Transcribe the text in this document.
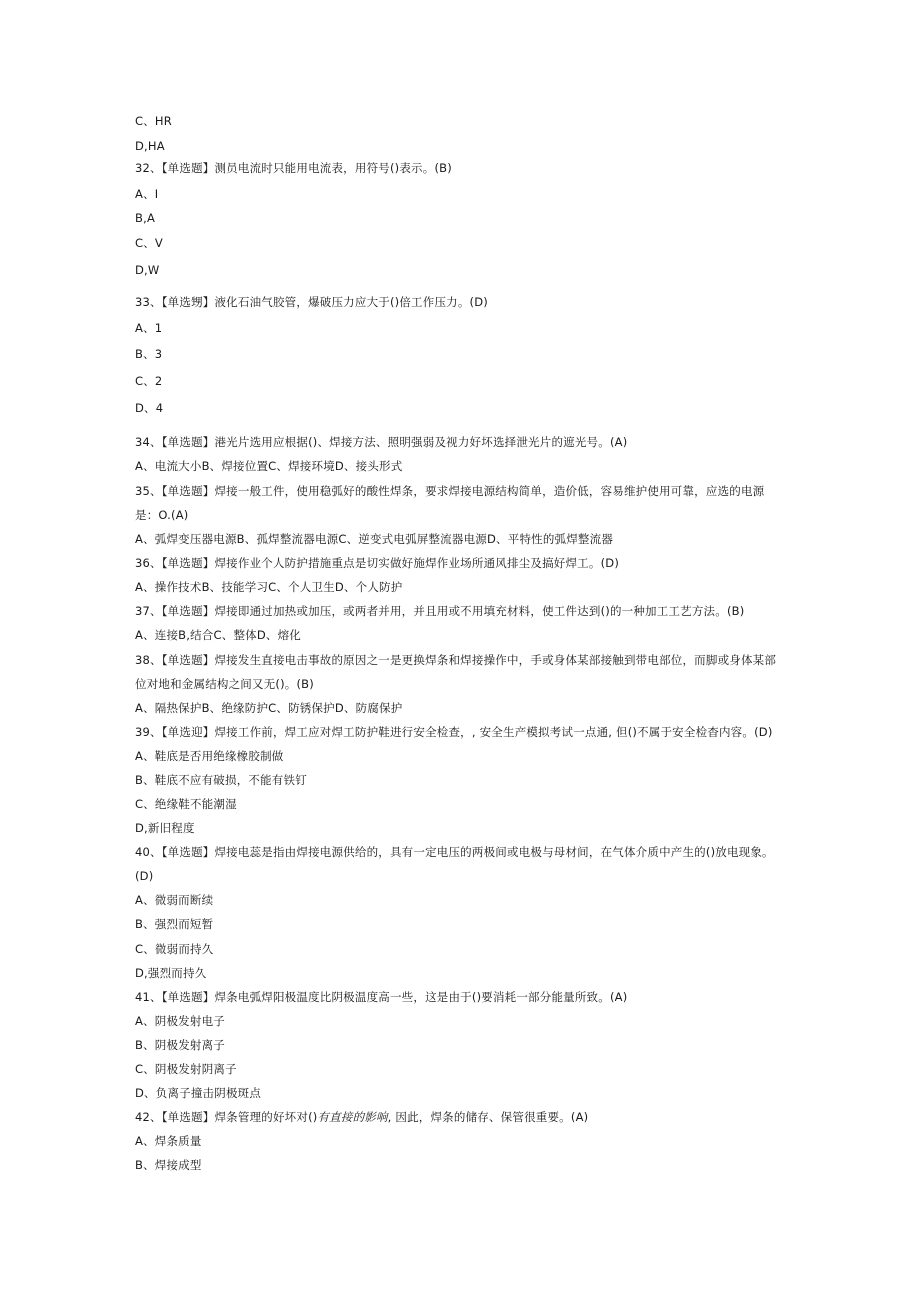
C、HR
D,HA
32、【单选题】测员电流时只能用电流表，用符号()表示。(B)
A、I
B,A
C、V
D,W
33、【单选甥】液化石油气胶管，爆破压力应大于()倍工作压力。(D)
A、1
B、3
C、2
D、4
34、【单选题】港光片选用应根据()、焊接方法、照明强弱及视力好坏选择泄光片的遮光号。(A)
A、电流大小B、焊接位置C、焊接环境D、接头形式
35、【单选题】焊接一般工件，使用稳弧好的酸性焊条，要求焊接电源结构简单，造价低，容易维护使用可靠，应选的电源
是：O.(A)
A、弧焊变压器电源B、孤焊整流器电源C、逆变式电弧屏整流器电源D、平特性的弧焊整流器
36、【单选题】焊接作业个人防护措施重点是切实做好施焊作业场所通风排尘及搞好焊工。(D)
A、操作技术B、技能学习C、个人卫生D、个人防护
37、【单选题】焊接即通过加热或加压，或两者并用，并且用或不用填充材料，使工件达到()的一种加工工艺方法。(B)
A、连接B,结合C、整体D、熔化
38、【单选题】焊接发生直接电击事故的原因之一是更换焊条和焊接操作中，手或身体某部接触到带电部位，而脚或身体某部
位对地和金属结构之间又无()。(B)
A、隔热保护B、绝缘防护C、防锈保护D、防腐保护
39、【单选迎】焊接工作前，焊工应对焊工防护鞋进行安全检查，, 安全生产模拟考试一点通, 但()不属于安全检杳内容。(D)
A、鞋底是否用绝缘橡胶制做
B、鞋底不应有破损，不能有铁钉
C、绝缘鞋不能潮湿
D,新旧程度
40、【单选题】焊接电蕊是指由焊接电源供给的，具有一定电压的两极间或电极与母材间，在气体介质中产生的()放电现象。
(D)
A、微弱而断续
B、强烈而短暂
C、微弱而持久
D,强烈而持久
41、【单选题】焊条电弧焊阳极温度比阴极温度高一些，这是由于()要消耗一部分能量所致。(A)
A、阴极发射电子
B、阴极发射离子
C、阴极发射阴离子
D、负离子撞击阴极斑点
42、【单选题】焊条管理的好坏对()有直接的影响, 因此，焊条的储存、保管很重要。(A)
A、焊条质量
B、焊接成型
